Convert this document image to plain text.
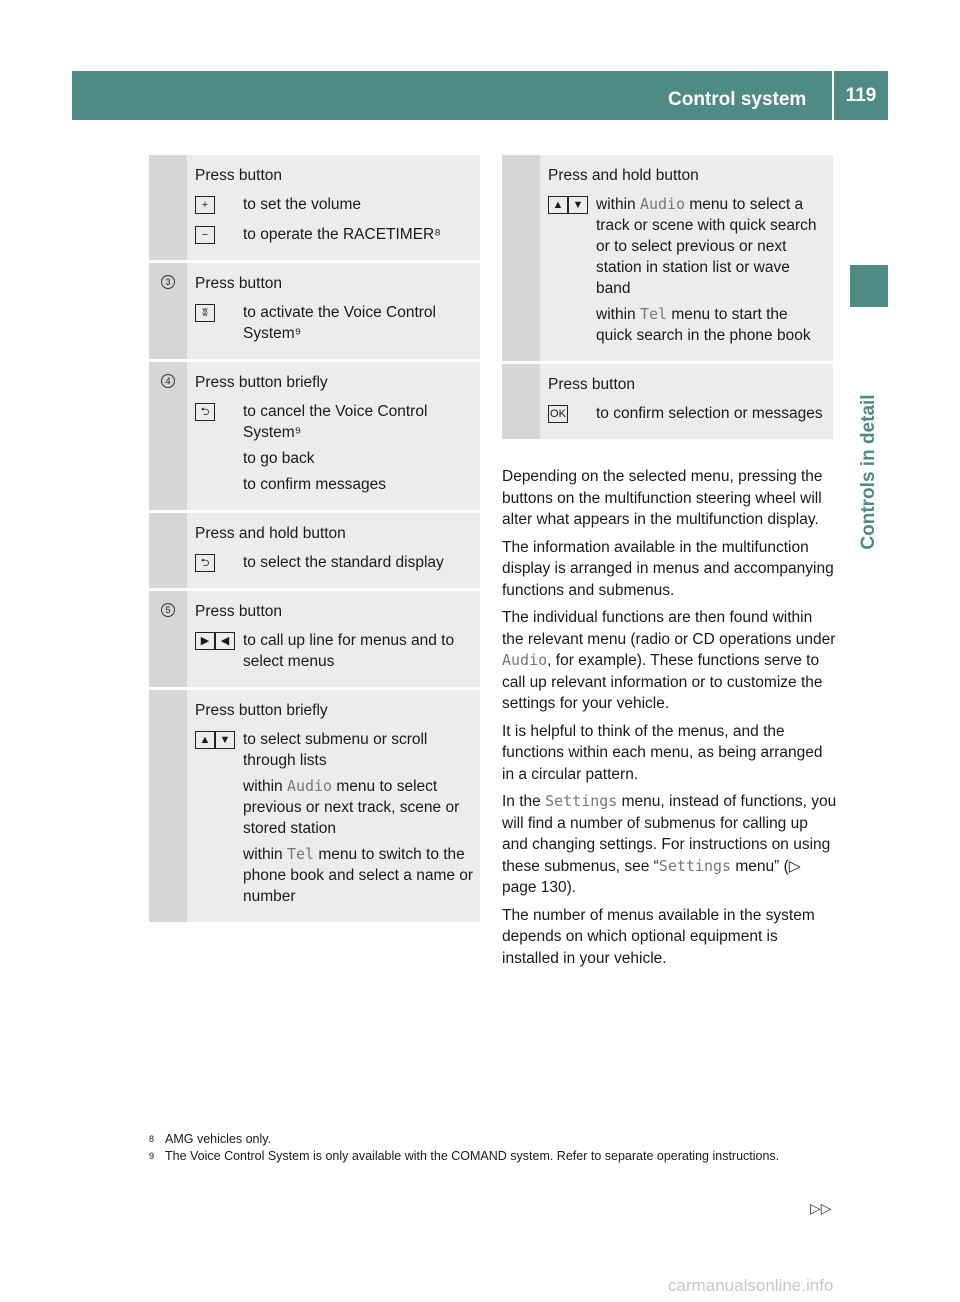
Control system	119
Controls in detail
Press button
+	to set the volume

−	to operate the RACETIMER⁸

3 Press button
ʬ	to activate the Voice Control System⁹

4 Press button briefly
⮌	to cancel the Voice Control System⁹

to go back

to confirm messages

Press and hold button
⮌	to select the standard display

5 Press button
▶ ◀ to call up line for menus and to select menus

Press button briefly
▲ ▼ to select submenu or scroll through lists

within Audio menu to select previous or next track, scene or stored station

within Tel menu to switch to the phone book and select a name or number

Press and hold button
▲ ▼ within Audio menu to select a track or scene with quick search or to select previous or next station in station list or wave band

within Tel menu to start the quick search in the phone book

Press button
OK	to confirm selection or messages

Depending on the selected menu, pressing the buttons on the multifunction steering wheel will alter what appears in the multifunction display.

The information available in the multifunction display is arranged in menus and accompanying functions and submenus.

The individual functions are then found within the relevant menu (radio or CD operations under Audio, for example). These functions serve to call up relevant information or to customize the settings for your vehicle.

It is helpful to think of the menus, and the functions within each menu, as being arranged in a circular pattern.

In the Settings menu, instead of functions, you will find a number of submenus for calling up and changing settings. For instructions on using these submenus, see “Settings menu” (▷ page 130).

The number of menus available in the system depends on which optional equipment is installed in your vehicle.

8 AMG vehicles only.
9 The Voice Control System is only available with the COMAND system. Refer to separate operating instructions.
▷▷
carmanualsonline.info
